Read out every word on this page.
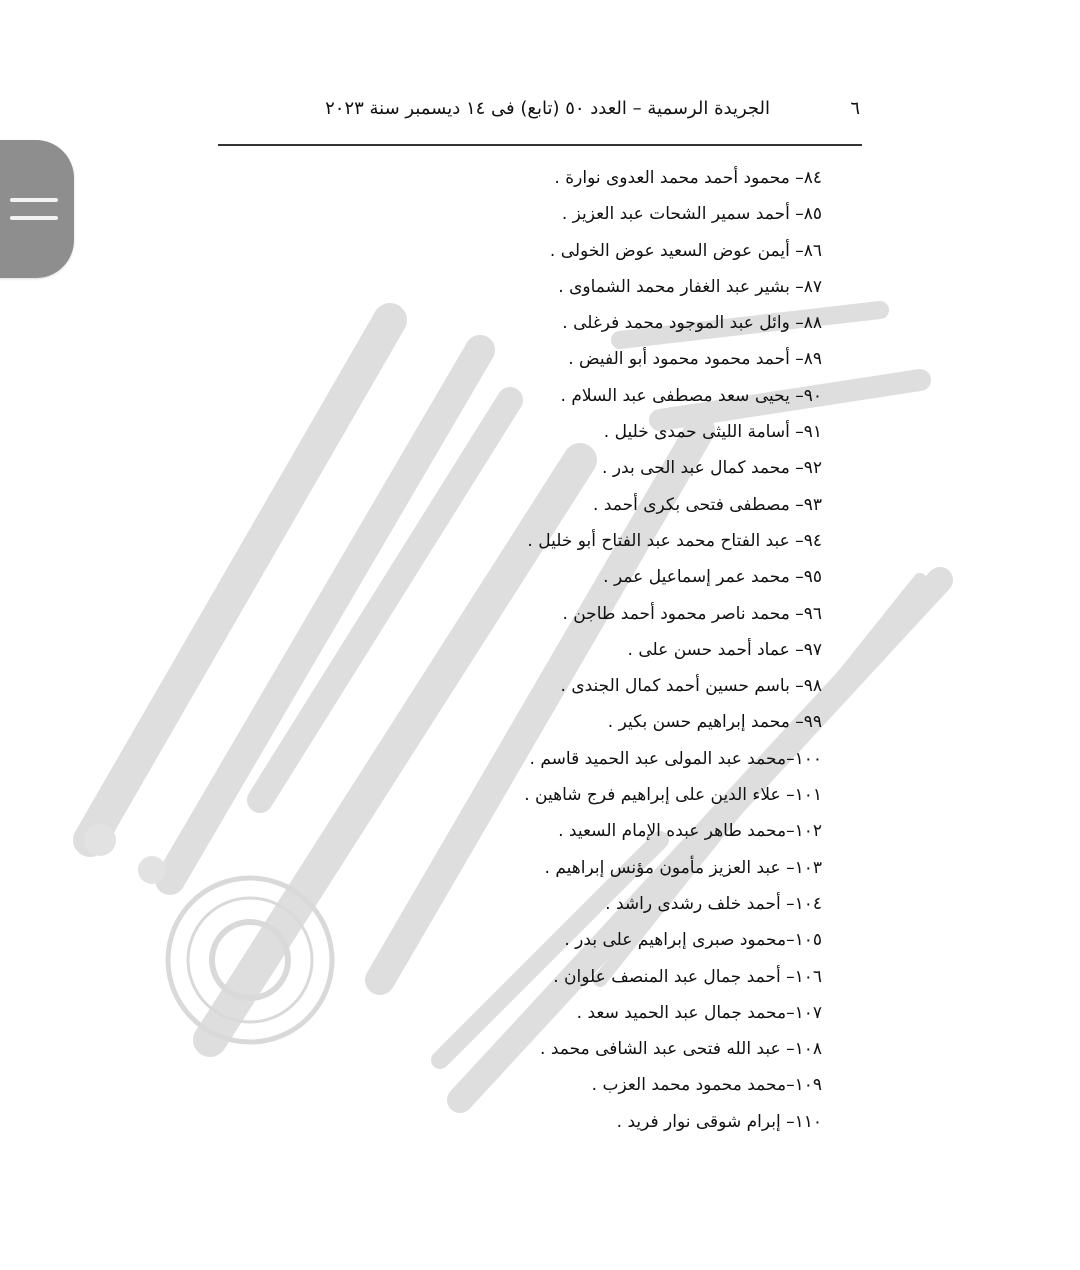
٦
الجريدة الرسمية – العدد ٥٠ (تابع) فى ١٤ ديسمبر سنة ٢٠٢٣
٨٤– محمود أحمد محمد العدوى نوارة .
٨٥– أحمد سمير الشحات عبد العزيز .
٨٦– أيمن عوض السعيد عوض الخولى .
٨٧– بشير عبد الغفار محمد الشماوى .
٨٨– وائل عبد الموجود محمد فرغلى .
٨٩– أحمد محمود محمود أبو الفيض .
٩٠– يحيى سعد مصطفى عبد السلام .
٩١– أسامة الليثى حمدى خليل .
٩٢– محمد كمال عبد الحى بدر .
٩٣– مصطفى فتحى بكرى أحمد .
٩٤– عبد الفتاح محمد عبد الفتاح أبو خليل .
٩٥– محمد عمر إسماعيل عمر .
٩٦– محمد ناصر محمود أحمد طاجن .
٩٧– عماد أحمد حسن على .
٩٨– باسم حسين أحمد كمال الجندى .
٩٩– محمد إبراهيم حسن بكير .
١٠٠–محمد عبد المولى عبد الحميد قاسم .
١٠١– علاء الدين على إبراهيم فرج شاهين .
١٠٢–محمد طاهر عبده الإمام السعيد .
١٠٣– عبد العزيز مأمون مؤنس إبراهيم .
١٠٤– أحمد خلف رشدى راشد .
١٠٥–محمود صبرى إبراهيم على بدر .
١٠٦– أحمد جمال عبد المنصف علوان .
١٠٧–محمد جمال عبد الحميد سعد .
١٠٨– عبد الله فتحى عبد الشافى محمد .
١٠٩–محمد محمود محمد العزب .
١١٠– إبرام شوقى نوار فريد .
